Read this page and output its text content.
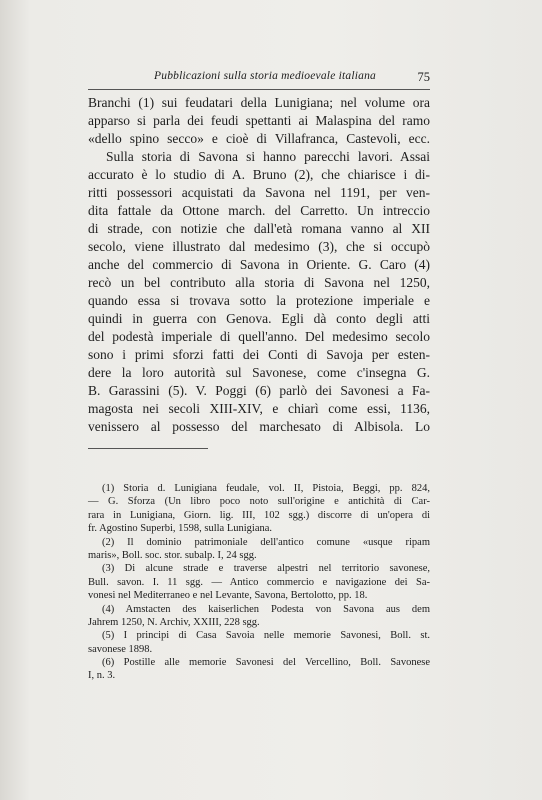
Pubblicazioni sulla storia medioevale italiana	75
Branchi (1) sui feudatari della Lunigiana; nel volume ora
apparso si parla dei feudi spettanti ai Malaspina del ramo
«dello spino secco» e cioè di Villafranca, Castevoli, ecc.
Sulla storia di Savona si hanno parecchi lavori. Assai
accurato è lo studio di A. Bruno (2), che chiarisce i di-
ritti possessori acquistati da Savona nel 1191, per ven-
dita fattale da Ottone march. del Carretto. Un intreccio
di strade, con notizie che dall'età romana vanno al XII
secolo, viene illustrato dal medesimo (3), che si occupò
anche del commercio di Savona in Oriente. G. Caro (4)
recò un bel contributo alla storia di Savona nel 1250,
quando essa si trovava sotto la protezione imperiale e
quindi in guerra con Genova. Egli dà conto degli atti
del podestà imperiale di quell'anno. Del medesimo secolo
sono i primi sforzi fatti dei Conti di Savoja per esten-
dere la loro autorità sul Savonese, come c'insegna G.
B. Garassini (5). V. Poggi (6) parlò dei Savonesi a Fa-
magosta nei secoli XIII-XIV, e chiarì come essi, 1136,
venissero al possesso del marchesato di Albisola. Lo
(1) Storia d. Lunigiana feudale, vol. II, Pistoia, Beggi, pp. 824,
— G. Sforza (Un libro poco noto sull'origine e antichità di Car-
rara in Lunigiana, Giorn. lig. III, 102 sgg.) discorre di un'opera di
fr. Agostino Superbi, 1598, sulla Lunigiana.
(2) Il dominio patrimoniale dell'antico comune «usque ripam
maris», Boll. soc. stor. subalp. I, 24 sgg.
(3) Di alcune strade e traverse alpestri nel territorio savonese,
Bull. savon. I. 11 sgg. — Antico commercio e navigazione dei Sa-
vonesi nel Mediterraneo e nel Levante, Savona, Bertolotto, pp. 18.
(4) Amstacten des kaiserlichen Podesta von Savona aus dem
Jahrem 1250, N. Archiv, XXIII, 228 sgg.
(5) I principi di Casa Savoia nelle memorie Savonesi, Boll. st.
savonese 1898.
(6) Postille alle memorie Savonesi del Vercellino, Boll. Savonese
I, n. 3.
